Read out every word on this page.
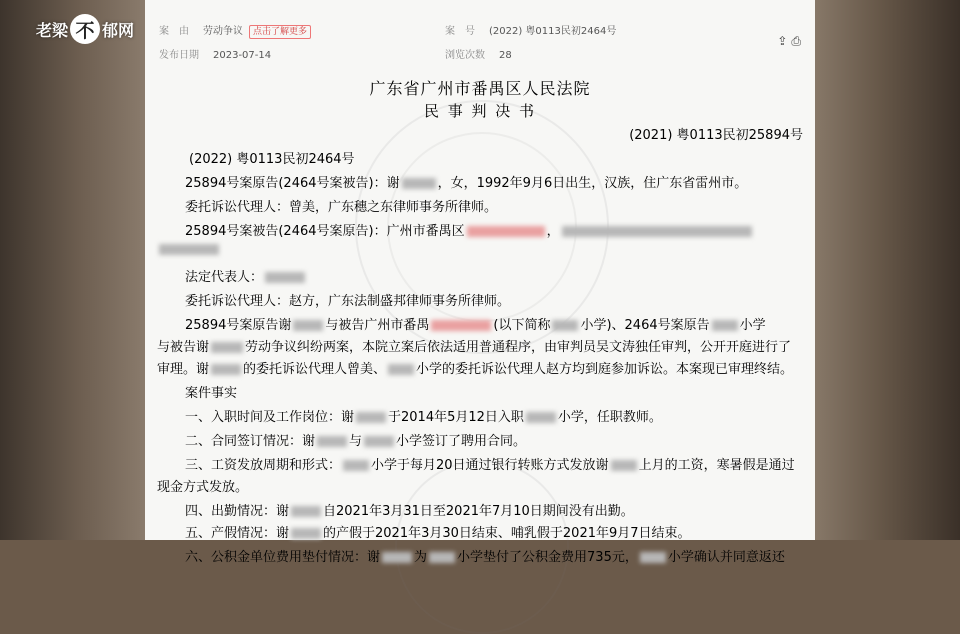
老梁 不 郁网 案　由 劳动争议 点击了解更多	案　号 (2022) 粤0113民初2464号
发布日期 2023-07-14	浏览次数 28
⇪ ⎙
广东省广州市番禺区人民法院
民 事 判 决 书
(2021) 粤0113民初25894号
(2022) 粤0113民初2464号
25894号案原告(2464号案被告)：谢	，女，1992年9月6日出生，汉族，住广东省雷州市。
委托诉讼代理人：曾美，广东穗之东律师事务所律师。
25894号案被告(2464号案原告)：广州市番禺区	，
法定代表人：
委托诉讼代理人：赵方，广东法制盛邦律师事务所律师。
25894号案原告谢	与被告广州市番禺	(以下简称 小学)、2464号案原告 小学
与被告谢	劳动争议纠纷两案，本院立案后依法适用普通程序，由审判员吴文涛独任审判，公开开庭进行了
审理。谢	的委托诉讼代理人曾美、 小学的委托诉讼代理人赵方均到庭参加诉讼。本案现已审理终结。
案件事实
一、入职时间及工作岗位：谢	于2014年5月12日入职	小学，任职教师。
二、合同签订情况：谢	与	小学签订了聘用合同。
三、工资发放周期和形式： 小学于每月20日通过银行转账方式发放谢 上月的工资，寒暑假是通过
现金方式发放。
四、出勤情况：谢	自2021年3月31日至2021年7月10日期间没有出勤。
五、产假情况：谢	的产假于2021年3月30日结束、哺乳假于2021年9月7日结束。
六、公积金单位费用垫付情况：谢	为 小学垫付了公积金费用735元， 小学确认并同意返还
